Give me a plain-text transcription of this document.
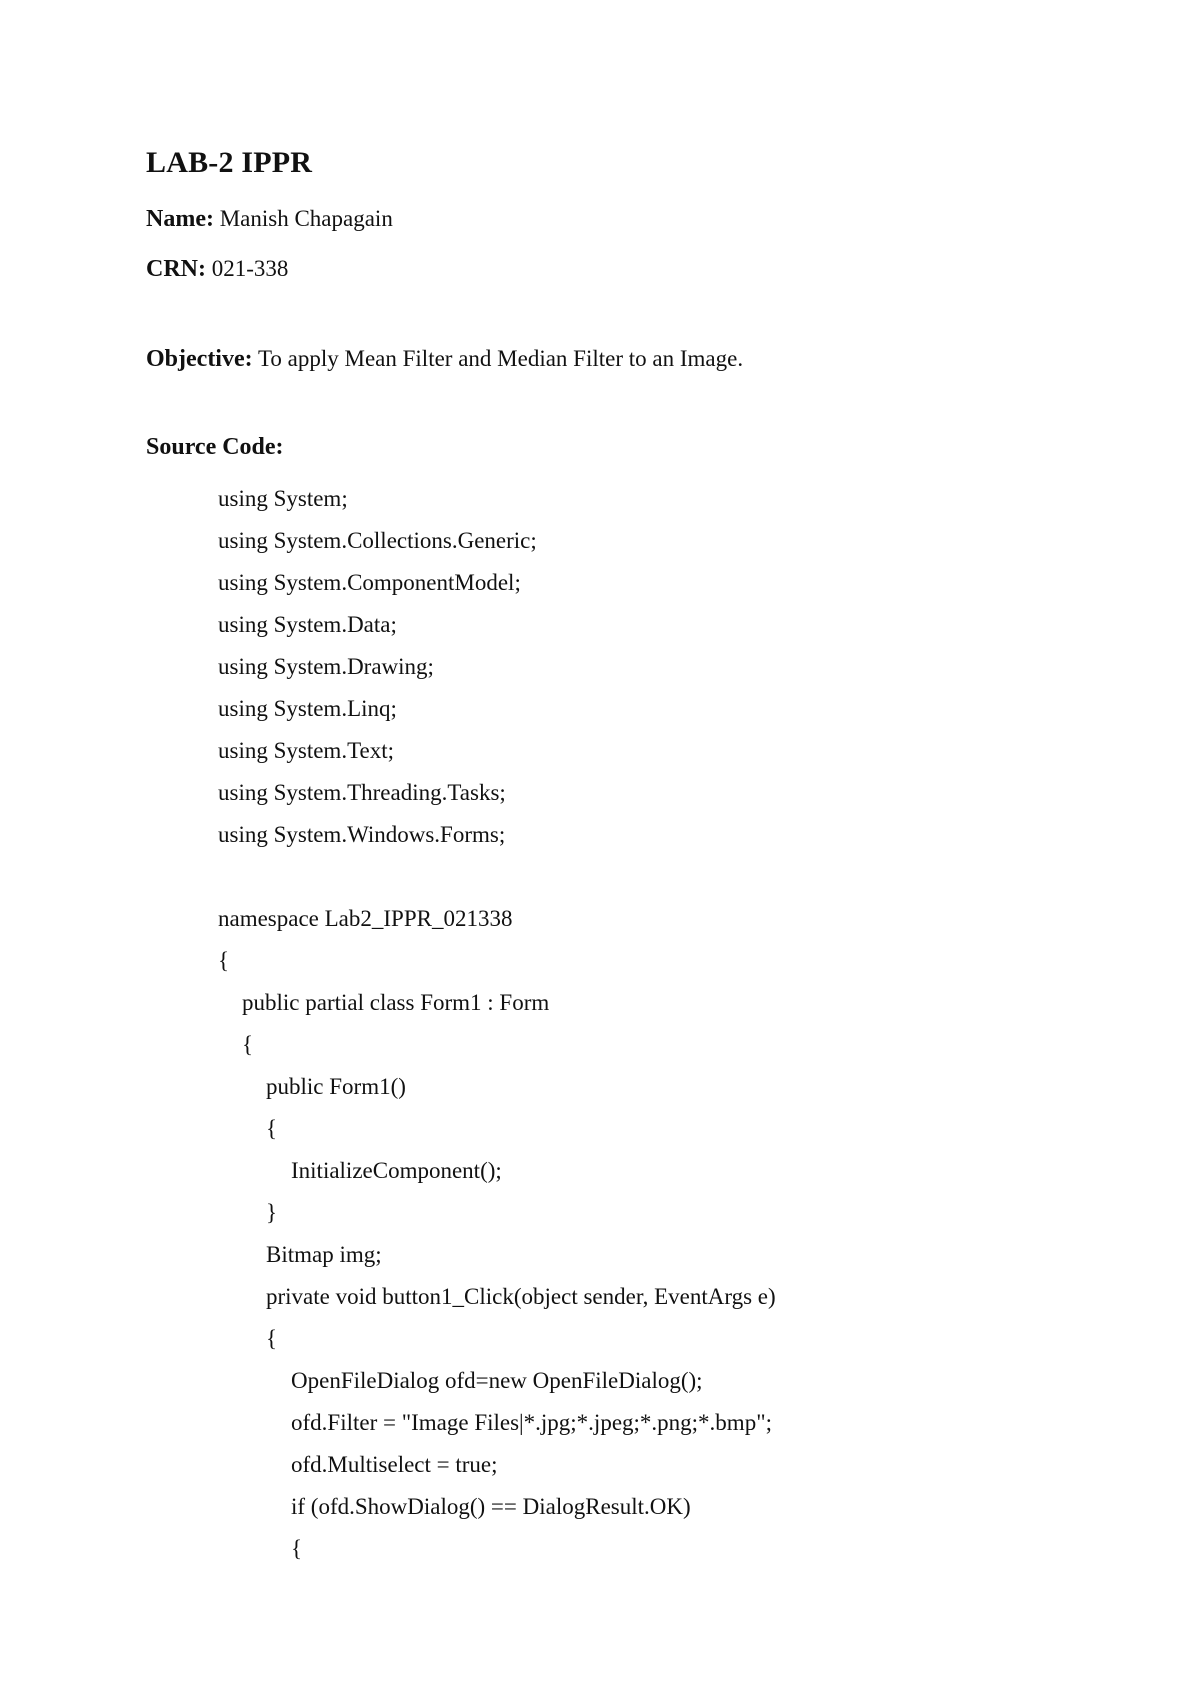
LAB-2 IPPR
Name: Manish Chapagain
CRN: 021-338
Objective: To apply Mean Filter and Median Filter to an Image.
Source Code:
using System;
using System.Collections.Generic;
using System.ComponentModel;
using System.Data;
using System.Drawing;
using System.Linq;
using System.Text;
using System.Threading.Tasks;
using System.Windows.Forms;
namespace Lab2_IPPR_021338
{
public partial class Form1 : Form
{
public Form1()
{
InitializeComponent();
}
Bitmap img;
private void button1_Click(object sender, EventArgs e)
{
OpenFileDialog ofd=new OpenFileDialog();
ofd.Filter = "Image Files|*.jpg;*.jpeg;*.png;*.bmp";
ofd.Multiselect = true;
if (ofd.ShowDialog() == DialogResult.OK)
{
